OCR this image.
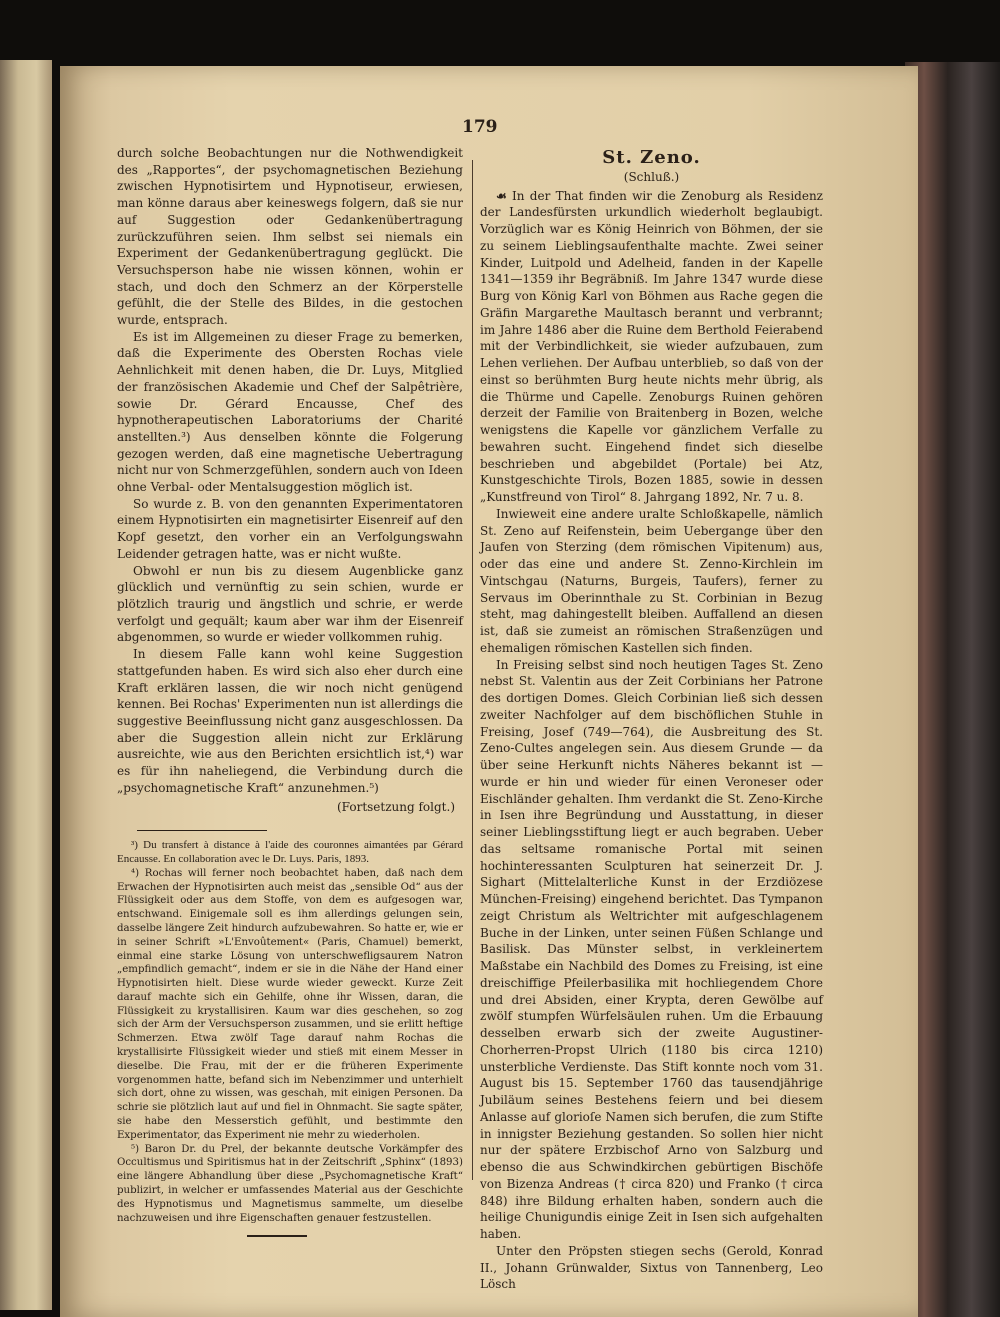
179

durch solche Beobachtungen nur die Nothwendigkeit des „Rapportes“, der psychomagnetischen Beziehung zwischen Hypnotisirtem und Hypnotiseur, erwiesen, man könne daraus aber keineswegs folgern, daß sie nur auf Suggestion oder Gedankenübertragung zurückzuführen seien. Ihm selbst sei niemals ein Experiment der Gedankenübertragung geglückt. Die Versuchsperson habe nie wissen können, wohin er stach, und doch den Schmerz an der Körperstelle gefühlt, die der Stelle des Bildes, in die gestochen wurde, entsprach.

Es ist im Allgemeinen zu dieser Frage zu bemerken, daß die Experimente des Obersten Rochas viele Aehnlichkeit mit denen haben, die Dr. Luys, Mitglied der französischen Akademie und Chef der Salpêtrière, sowie Dr. Gérard Encausse, Chef des hypnotherapeutischen Laboratoriums der Charité anstellten.³) Aus denselben könnte die Folgerung gezogen werden, daß eine magnetische Uebertragung nicht nur von Schmerzgefühlen, sondern auch von Ideen ohne Verbal- oder Mentalsuggestion möglich ist.

So wurde z. B. von den genannten Experimentatoren einem Hypnotisirten ein magnetisirter Eisenreif auf den Kopf gesetzt, den vorher ein an Verfolgungswahn Leidender getragen hatte, was er nicht wußte.

Obwohl er nun bis zu diesem Augenblicke ganz glücklich und vernünftig zu sein schien, wurde er plötzlich traurig und ängstlich und schrie, er werde verfolgt und gequält; kaum aber war ihm der Eisenreif abgenommen, so wurde er wieder vollkommen ruhig.

In diesem Falle kann wohl keine Suggestion stattgefunden haben. Es wird sich also eher durch eine Kraft erklären lassen, die wir noch nicht genügend kennen. Bei Rochas' Experimenten nun ist allerdings die suggestive Beeinflussung nicht ganz ausgeschlossen. Da aber die Suggestion allein nicht zur Erklärung ausreichte, wie aus den Berichten ersichtlich ist,⁴) war es für ihn naheliegend, die Verbindung durch die „psychomagnetische Kraft“ anzunehmen.⁵)

(Fortsetzung folgt.)

³) Du transfert à distance à l'aide des couronnes aimantées par Gérard Encausse. En collaboration avec le Dr. Luys. Paris, 1893.

⁴) Rochas will ferner noch beobachtet haben, daß nach dem Erwachen der Hypnotisirten auch meist das „sensible Od“ aus der Flüssigkeit oder aus dem Stoffe, von dem es aufgesogen war, entschwand. Einigemale soll es ihm allerdings gelungen sein, dasselbe längere Zeit hindurch aufzubewahren. So hatte er, wie er in seiner Schrift »L'Envoûtement« (Paris, Chamuel) bemerkt, einmal eine starke Lösung von unterschwefligsaurem Natron „empfindlich gemacht“, indem er sie in die Nähe der Hand einer Hypnotisirten hielt. Diese wurde wieder geweckt. Kurze Zeit darauf machte sich ein Gehilfe, ohne ihr Wissen, daran, die Flüssigkeit zu krystallisiren. Kaum war dies geschehen, so zog sich der Arm der Versuchsperson zusammen, und sie erlitt heftige Schmerzen. Etwa zwölf Tage darauf nahm Rochas die krystallisirte Flüssigkeit wieder und stieß mit einem Messer in dieselbe. Die Frau, mit der er die früheren Experimente vorgenommen hatte, befand sich im Nebenzimmer und unterhielt sich dort, ohne zu wissen, was geschah, mit einigen Personen. Da schrie sie plötzlich laut auf und fiel in Ohnmacht. Sie sagte später, sie habe den Messerstich gefühlt, und bestimmte den Experimentator, das Experiment nie mehr zu wiederholen.

⁵) Baron Dr. du Prel, der bekannte deutsche Vorkämpfer des Occultismus und Spiritismus hat in der Zeitschrift „Sphinx“ (1893) eine längere Abhandlung über diese „Psychomagnetische Kraft“ publizirt, in welcher er umfassendes Material aus der Geschichte des Hypnotismus und Magnetismus sammelte, um dieselbe nachzuweisen und ihre Eigenschaften genauer festzustellen.

St. Zeno.

(Schluß.)

☙ In der That finden wir die Zenoburg als Residenz der Landesfürsten urkundlich wiederholt beglaubigt. Vorzüglich war es König Heinrich von Böhmen, der sie zu seinem Lieblingsaufenthalte machte. Zwei seiner Kinder, Luitpold und Adelheid, fanden in der Kapelle 1341—1359 ihr Begräbniß. Im Jahre 1347 wurde diese Burg von König Karl von Böhmen aus Rache gegen die Gräfin Margarethe Maultasch berannt und verbrannt; im Jahre 1486 aber die Ruine dem Berthold Feierabend mit der Verbindlichkeit, sie wieder aufzubauen, zum Lehen verliehen. Der Aufbau unterblieb, so daß von der einst so berühmten Burg heute nichts mehr übrig, als die Thürme und Capelle. Zenoburgs Ruinen gehören derzeit der Familie von Braitenberg in Bozen, welche wenigstens die Kapelle vor gänzlichem Verfalle zu bewahren sucht. Eingehend findet sich dieselbe beschrieben und abgebildet (Portale) bei Atz, Kunstgeschichte Tirols, Bozen 1885, sowie in dessen „Kunstfreund von Tirol“ 8. Jahrgang 1892, Nr. 7 u. 8.

Inwieweit eine andere uralte Schloßkapelle, nämlich St. Zeno auf Reifenstein, beim Uebergange über den Jaufen von Sterzing (dem römischen Vipitenum) aus, oder das eine und andere St. Zenno-Kirchlein im Vintschgau (Naturns, Burgeis, Taufers), ferner zu Servaus im Oberinnthale zu St. Corbinian in Bezug steht, mag dahingestellt bleiben. Auffallend an diesen ist, daß sie zumeist an römischen Straßenzügen und ehemaligen römischen Kastellen sich finden.

In Freising selbst sind noch heutigen Tages St. Zeno nebst St. Valentin aus der Zeit Corbinians her Patrone des dortigen Domes. Gleich Corbinian ließ sich dessen zweiter Nachfolger auf dem bischöflichen Stuhle in Freising, Josef (749—764), die Ausbreitung des St. Zeno-Cultes angelegen sein. Aus diesem Grunde — da über seine Herkunft nichts Näheres bekannt ist — wurde er hin und wieder für einen Veroneser oder Eischländer gehalten. Ihm verdankt die St. Zeno-Kirche in Isen ihre Begründung und Ausstattung, in dieser seiner Lieblingsstiftung liegt er auch begraben. Ueber das seltsame romanische Portal mit seinen hochinteressanten Sculpturen hat seinerzeit Dr. J. Sighart (Mittelalterliche Kunst in der Erzdiözese München-Freising) eingehend berichtet. Das Tympanon zeigt Christum als Weltrichter mit aufgeschlagenem Buche in der Linken, unter seinen Füßen Schlange und Basilisk. Das Münster selbst, in verkleinertem Maßstabe ein Nachbild des Domes zu Freising, ist eine dreischiffige Pfeilerbasilika mit hochliegendem Chore und drei Absiden, einer Krypta, deren Gewölbe auf zwölf stumpfen Würfelsäulen ruhen. Um die Erbauung desselben erwarb sich der zweite Augustiner-Chorherren-Propst Ulrich (1180 bis circa 1210) unsterbliche Verdienste. Das Stift konnte noch vom 31. August bis 15. September 1760 das tausendjährige Jubiläum seines Bestehens feiern und bei diesem Anlasse auf glorioſe Namen sich berufen, die zum Stifte in innigster Beziehung gestanden. So sollen hier nicht nur der spätere Erzbischof Arno von Salzburg und ebenso die aus Schwindkirchen gebürtigen Bischöfe von Bizenza Andreas († circa 820) und Franko († circa 848) ihre Bildung erhalten haben, sondern auch die heilige Chunigundis einige Zeit in Isen sich aufgehalten haben.

Unter den Pröpsten stiegen sechs (Gerold, Konrad II., Johann Grünwalder, Sixtus von Tannenberg, Leo Lösch
